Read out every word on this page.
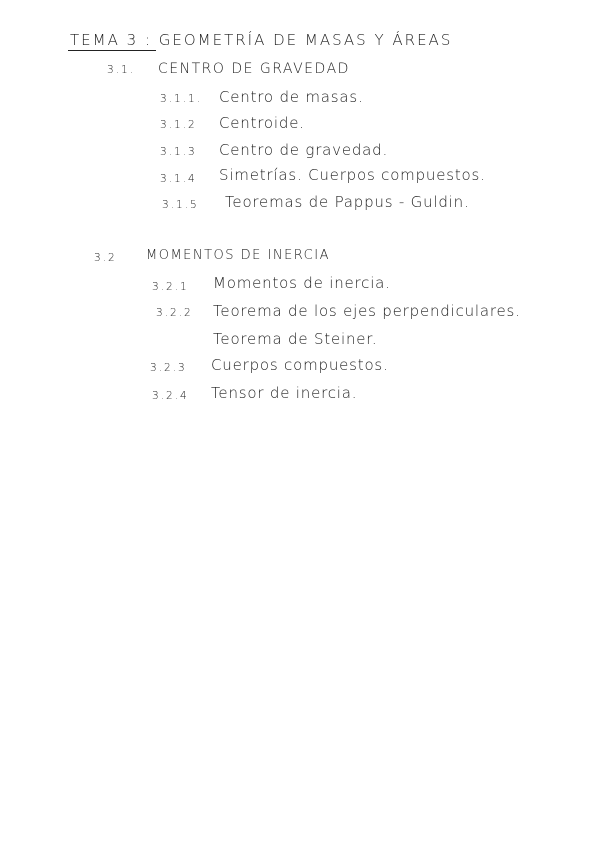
TEMA 3 : GEOMETRÍA DE MASAS Y ÁREAS
3.1. CENTRO DE GRAVEDAD
3.1.1. Centro de masas.
3.1.2 Centroide.
3.1.3 Centro de gravedad.
3.1.4 Simetrías. Cuerpos compuestos.
3.1.5 Teoremas de Pappus - Guldin.
3.2 MOMENTOS DE INERCIA
3.2.1 Momentos de inercia.
3.2.2 Teorema de los ejes perpendiculares.
Teorema de Steiner.
3.2.3 Cuerpos compuestos.
3.2.4 Tensor de inercia.
